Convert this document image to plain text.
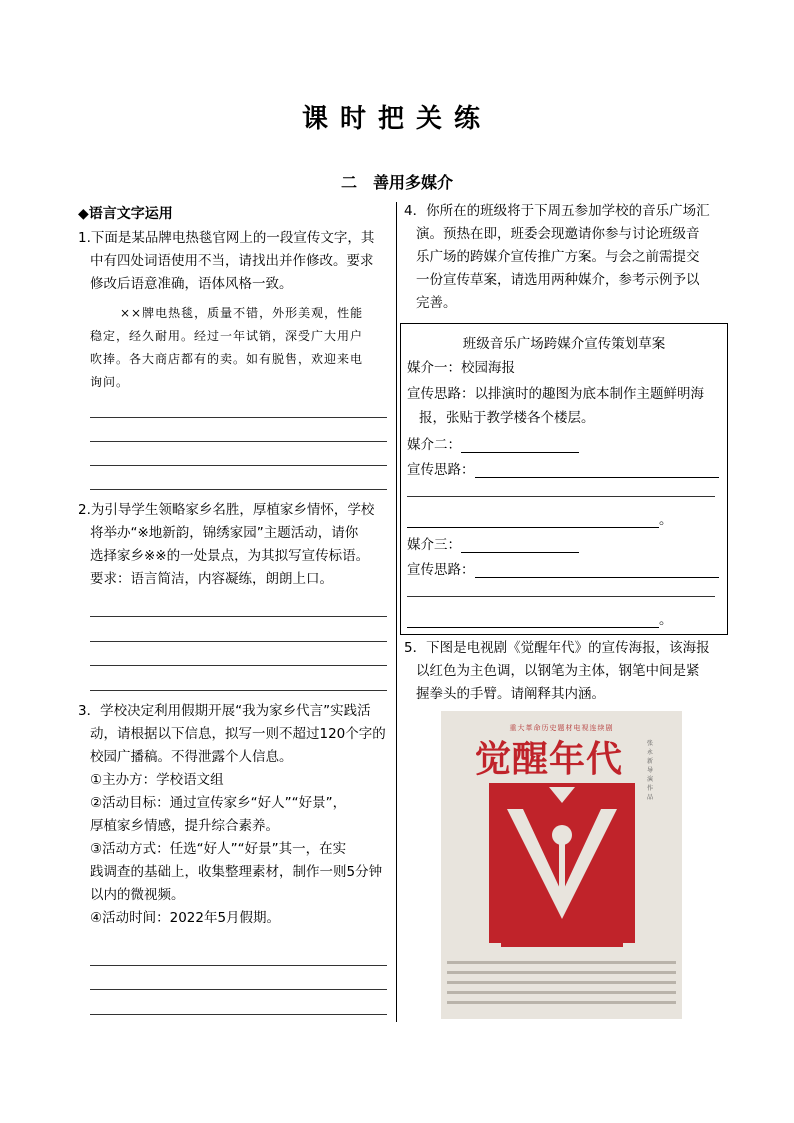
课时把关练
二　善用多媒介
◆语言文字运用

1.下面是某品牌电热毯官网上的一段宣传文字，其

中有四处词语使用不当，请找出并作修改。要求

修改后语意准确，语体风格一致。

××牌电热毯，质量不错，外形美观，性能

稳定，经久耐用。经过一年试销，深受广大用户

吹捧。各大商店都有的卖。如有脱售，欢迎来电

询问。

2.为引导学生领略家乡名胜，厚植家乡情怀，学校

将举办“※地新韵，锦绣家园”主题活动，请你

选择家乡※※的一处景点，为其拟写宣传标语。

要求：语言简洁，内容凝练，朗朗上口。

3．学校决定利用假期开展“我为家乡代言”实践活

动，请根据以下信息，拟写一则不超过120个字的

校园广播稿。不得泄露个人信息。

①主办方：学校语文组

②活动目标：通过宣传家乡“好人”“好景”，

厚植家乡情感，提升综合素养。

③活动方式：任选“好人”“好景”其一，在实

践调查的基础上，收集整理素材，制作一则5分钟

以内的微视频。

④活动时间：2022年5月假期。

4．你所在的班级将于下周五参加学校的音乐广场汇

演。预热在即，班委会现邀请你参与讨论班级音

乐广场的跨媒介宣传推广方案。与会之前需提交

一份宣传草案，请选用两种媒介，参考示例予以

完善。

班级音乐广场跨媒介宣传策划草案
媒介一：校园海报
宣传思路：以排演时的趣图为底本制作主题鲜明海
报，张贴于教学楼各个楼层。
媒介二：
宣传思路：
。
媒介三：
宣传思路：
。

5．下图是电视剧《觉醒年代》的宣传海报，该海报

以红色为主色调，以钢笔为主体，钢笔中间是紧

握拳头的手臂。请阐释其内涵。

重大革命历史题材电视连续剧
觉醒年代	张永新导演作品
